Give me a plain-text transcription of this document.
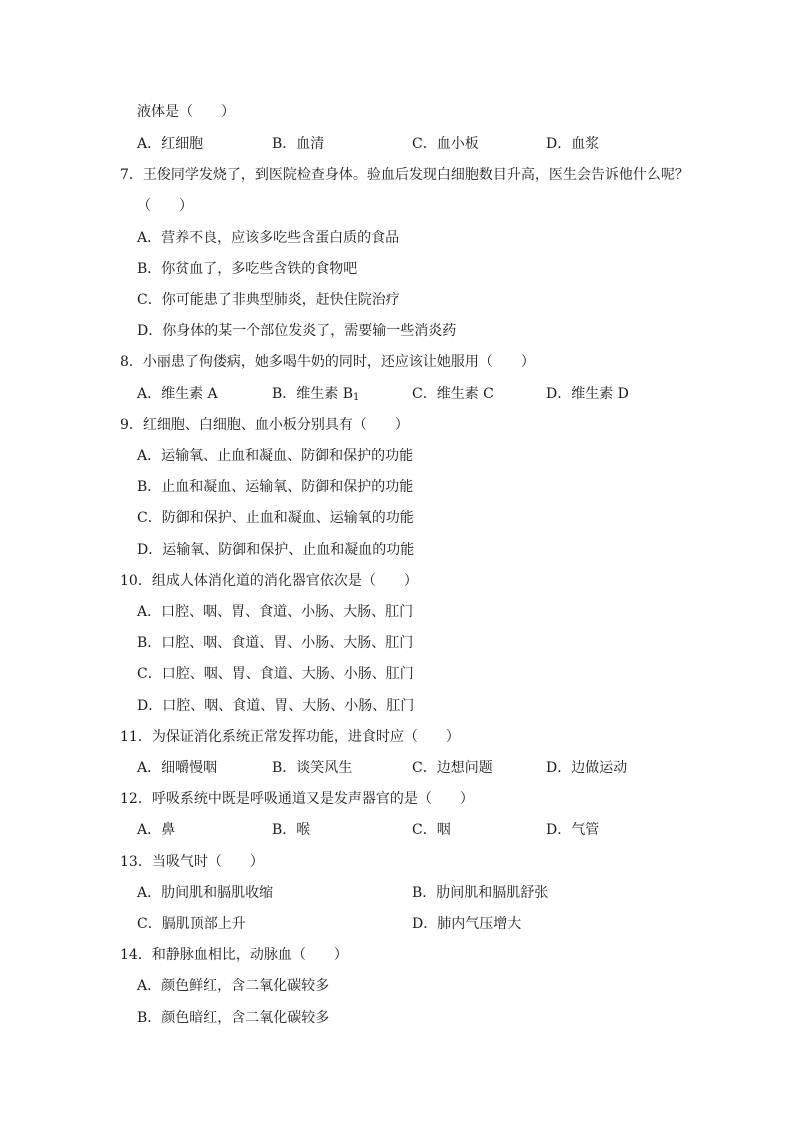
液体是（　　）
A．红细胞	B．血清	C．血小板	D．血浆
7．王俊同学发烧了，到医院检查身体。验血后发现白细胞数目升高，医生会告诉他什么呢？
（　　）
A．营养不良，应该多吃些含蛋白质的食品
B．你贫血了，多吃些含铁的食物吧
C．你可能患了非典型肺炎，赶快住院治疗
D．你身体的某一个部位发炎了，需要输一些消炎药
8．小丽患了佝偻病，她多喝牛奶的同时，还应该让她服用（　　）
A．维生素 A	B．维生素 $B_1$	C．维生素 C	D．维生素 D
9．红细胞、白细胞、血小板分别具有（　　）
A．运输氧、止血和凝血、防御和保护的功能
B．止血和凝血、运输氧、防御和保护的功能
C．防御和保护、止血和凝血、运输氧的功能
D．运输氧、防御和保护、止血和凝血的功能
10．组成人体消化道的消化器官依次是（　　）
A．口腔、咽、胃、食道、小肠、大肠、肛门
B．口腔、咽、食道、胃、小肠、大肠、肛门
C．口腔、咽、胃、食道、大肠、小肠、肛门
D．口腔、咽、食道、胃、大肠、小肠、肛门
11．为保证消化系统正常发挥功能，进食时应（　　）
A．细嚼慢咽	B．谈笑风生	C．边想问题	D．边做运动
12．呼吸系统中既是呼吸通道又是发声器官的是（　　）
A．鼻	B．喉	C．咽	D．气管
13．当吸气时（　　）
A．肋间肌和膈肌收缩	B．肋间肌和膈肌舒张
C．膈肌顶部上升	D．肺内气压增大
14．和静脉血相比，动脉血（　　）
A．颜色鲜红，含二氧化碳较多
B．颜色暗红，含二氧化碳较多
